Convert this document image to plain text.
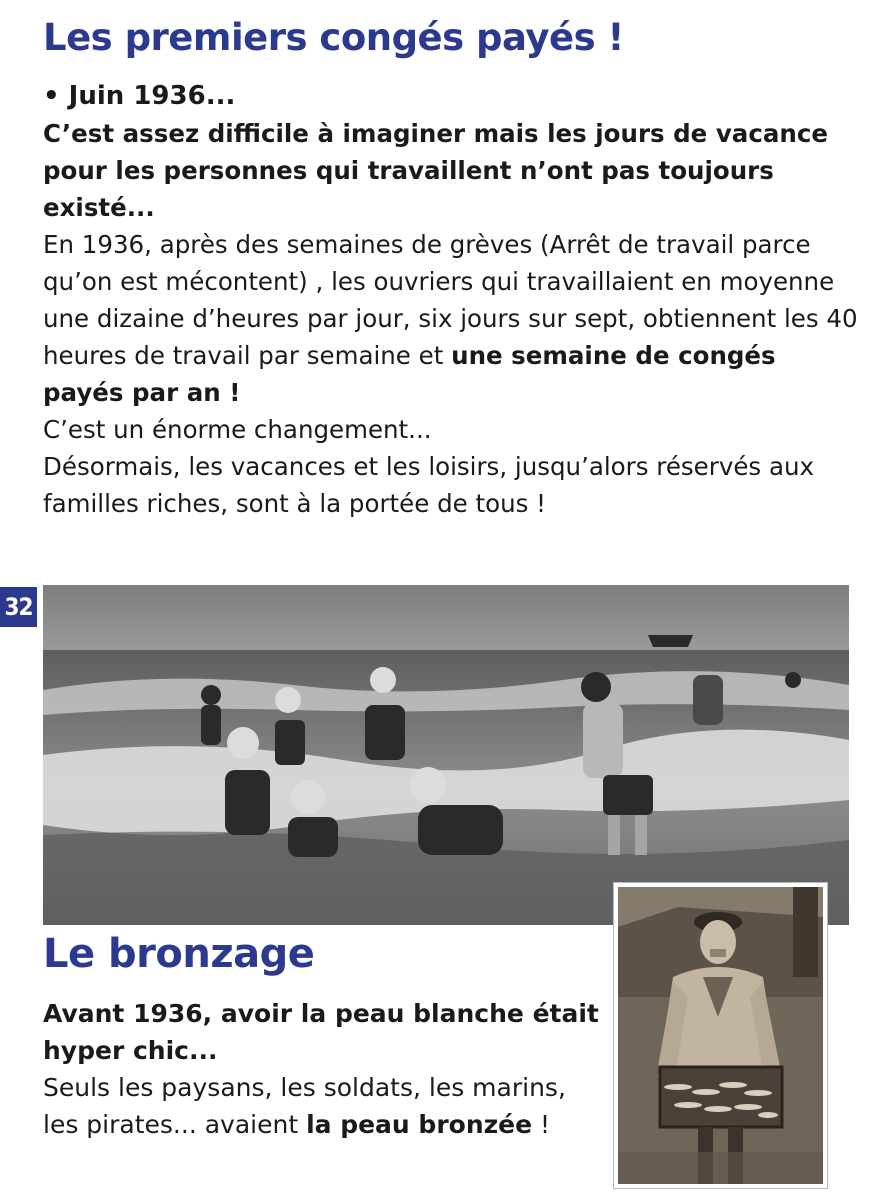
Les premiers congés payés !

• Juin 1936...

C’est assez difficile à imaginer mais les jours de vacance pour les personnes qui travaillent n’ont pas toujours existé...

En 1936, après des semaines de grèves (Arrêt de travail parce qu’on est mécontent) , les ouvriers qui travaillaient en moyenne une dizaine d’heures par jour, six jours sur sept, obtiennent les 40 heures de travail par semaine et une semaine de congés payés par an !

C’est un énorme changement...

Désormais, les vacances et les loisirs, jusqu’alors réservés aux familles riches, sont à la portée de tous !

32
Le bronzage

Avant 1936, avoir la peau blanche était hyper chic...

Seuls les paysans, les soldats, les marins, les pirates... avaient la peau bronzée !
